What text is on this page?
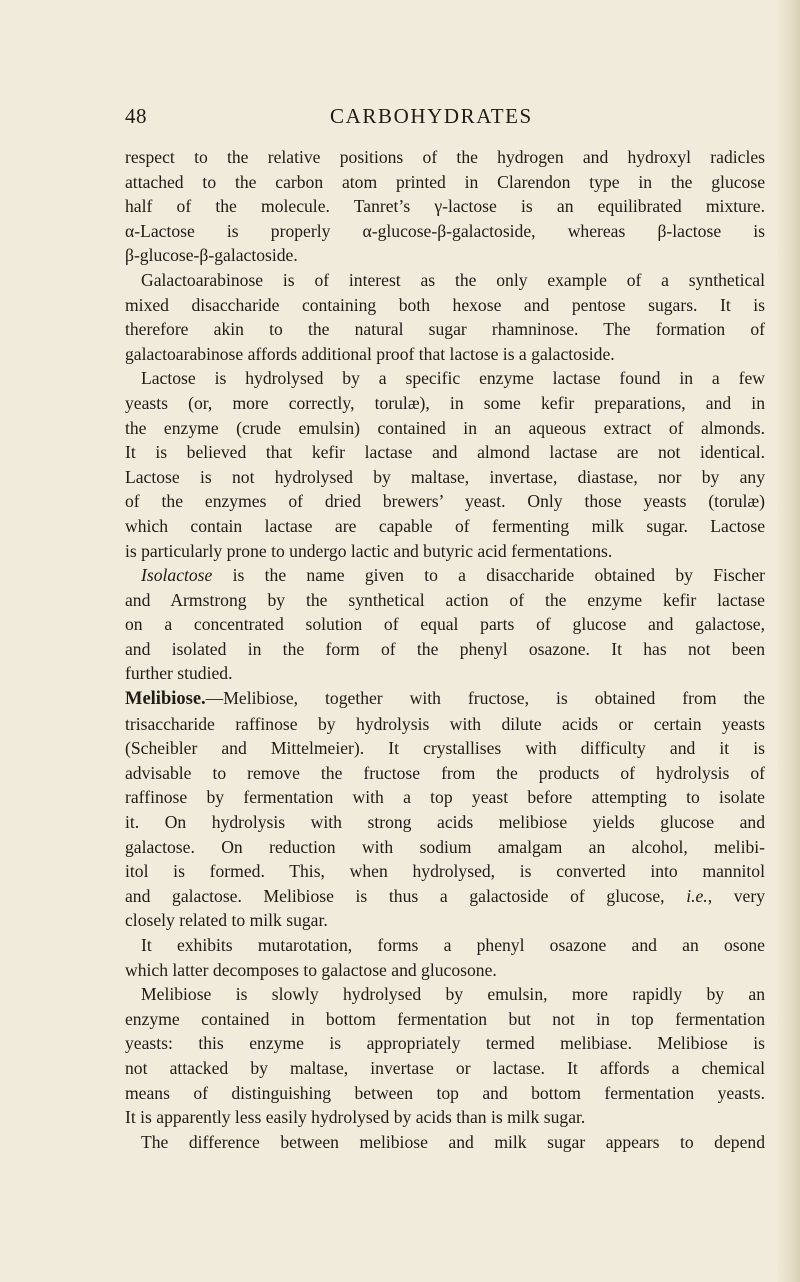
48	CARBOHYDRATES
respect to the relative positions of the hydrogen and hydroxyl radicles
attached to the carbon atom printed in Clarendon type in the glucose
half of the molecule. Tanret’s γ-lactose is an equilibrated mixture.
α-Lactose is properly α-glucose-β-galactoside, whereas β-lactose is
β-glucose-β-galactoside.
Galactoarabinose is of interest as the only example of a synthetical
mixed disaccharide containing both hexose and pentose sugars. It is
therefore akin to the natural sugar rhamninose. The formation of
galactoarabinose affords additional proof that lactose is a galactoside.
Lactose is hydrolysed by a specific enzyme lactase found in a few
yeasts (or, more correctly, torulæ), in some kefir preparations, and in
the enzyme (crude emulsin) contained in an aqueous extract of almonds.
It is believed that kefir lactase and almond lactase are not identical.
Lactose is not hydrolysed by maltase, invertase, diastase, nor by any
of the enzymes of dried brewers’ yeast. Only those yeasts (torulæ)
which contain lactase are capable of fermenting milk sugar. Lactose
is particularly prone to undergo lactic and butyric acid fermentations.
Isolactose is the name given to a disaccharide obtained by Fischer
and Armstrong by the synthetical action of the enzyme kefir lactase
on a concentrated solution of equal parts of glucose and galactose,
and isolated in the form of the phenyl osazone. It has not been
further studied.
Melibiose.—Melibiose, together with fructose, is obtained from the
trisaccharide raffinose by hydrolysis with dilute acids or certain yeasts
(Scheibler and Mittelmeier). It crystallises with difficulty and it is
advisable to remove the fructose from the products of hydrolysis of
raffinose by fermentation with a top yeast before attempting to isolate
it. On hydrolysis with strong acids melibiose yields glucose and
galactose. On reduction with sodium amalgam an alcohol, melibi-
itol is formed. This, when hydrolysed, is converted into mannitol
and galactose. Melibiose is thus a galactoside of glucose, i.e., very
closely related to milk sugar.
It exhibits mutarotation, forms a phenyl osazone and an osone
which latter decomposes to galactose and glucosone.
Melibiose is slowly hydrolysed by emulsin, more rapidly by an
enzyme contained in bottom fermentation but not in top fermentation
yeasts: this enzyme is appropriately termed melibiase. Melibiose is
not attacked by maltase, invertase or lactase. It affords a chemical
means of distinguishing between top and bottom fermentation yeasts.
It is apparently less easily hydrolysed by acids than is milk sugar.
The difference between melibiose and milk sugar appears to depend
